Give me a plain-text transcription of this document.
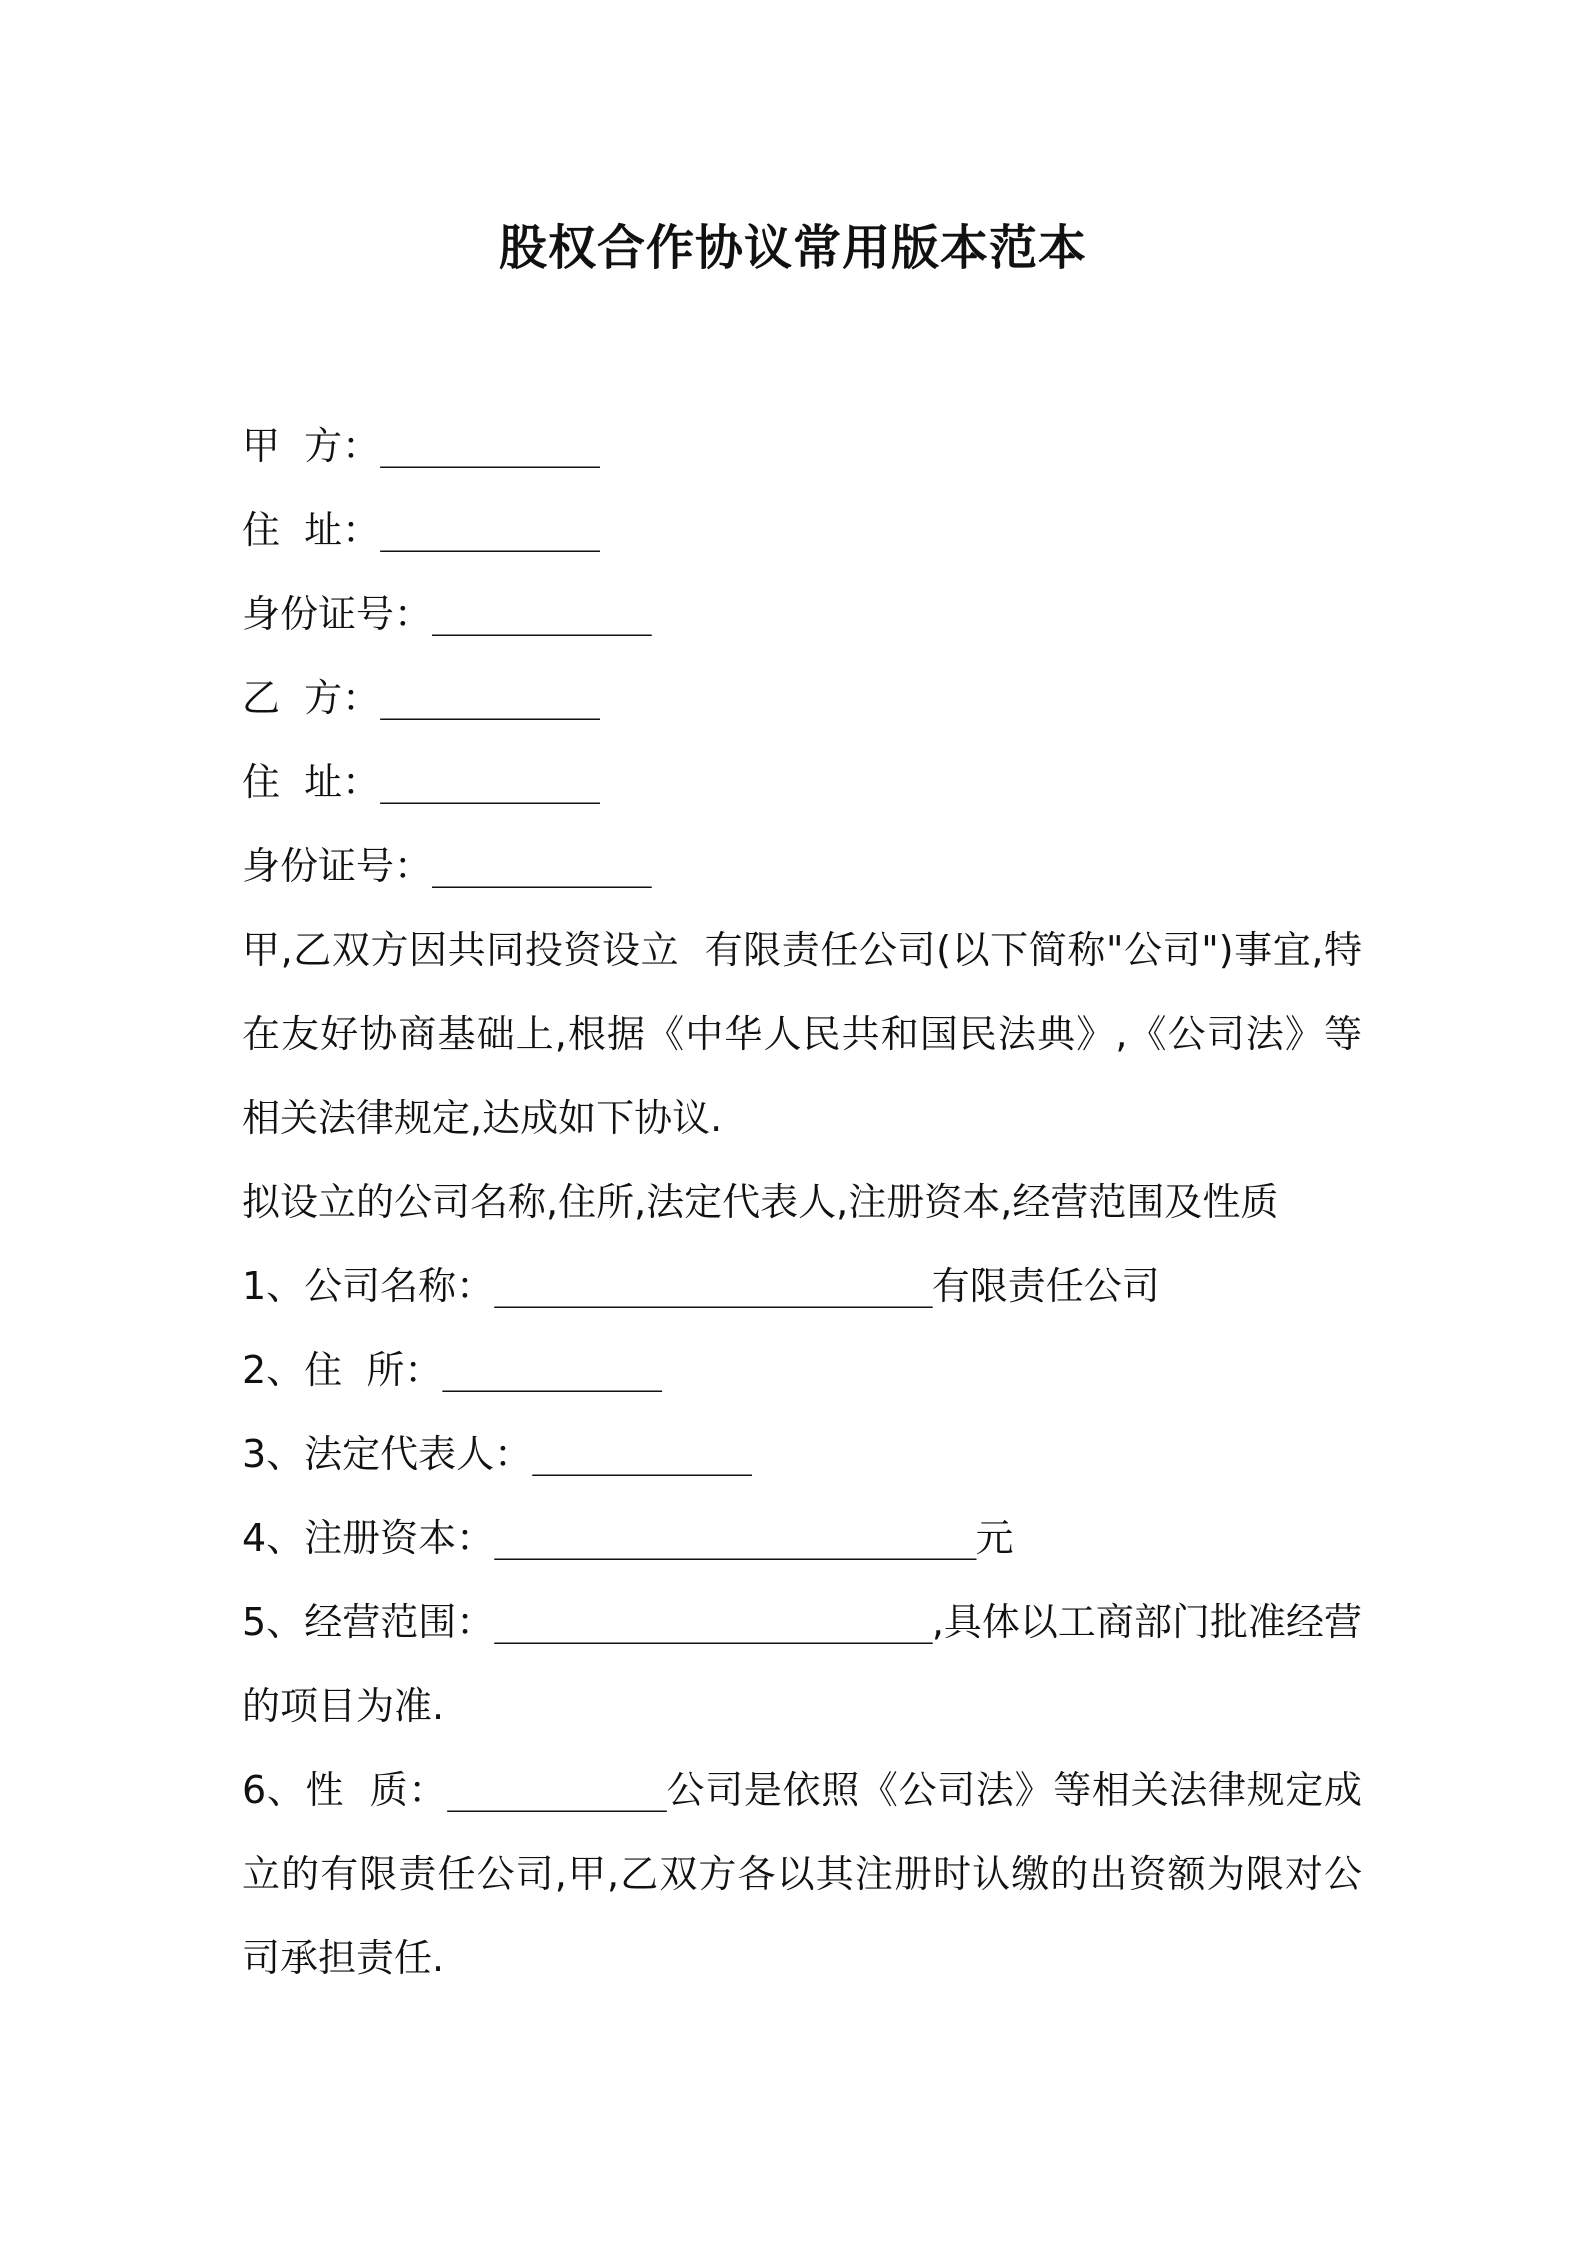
股权合作协议常用版本范本
甲  方：__________
住  址：__________
身份证号：__________
乙  方：__________
住  址：__________
身份证号：__________
甲,乙双方因共同投资设立  有限责任公司(以下简称"公司")事宜,特在友好协商基础上,根据《中华人民共和国民法典》,《公司法》等相关法律规定,达成如下协议.
拟设立的公司名称,住所,法定代表人,注册资本,经营范围及性质
1、公司名称：____________________有限责任公司
2、住  所：__________
3、法定代表人：__________
4、注册资本：______________________元
5、经营范围：____________________,具体以工商部门批准经营的项目为准.
6、性  质：__________公司是依照《公司法》等相关法律规定成立的有限责任公司,甲,乙双方各以其注册时认缴的出资额为限对公司承担责任.
